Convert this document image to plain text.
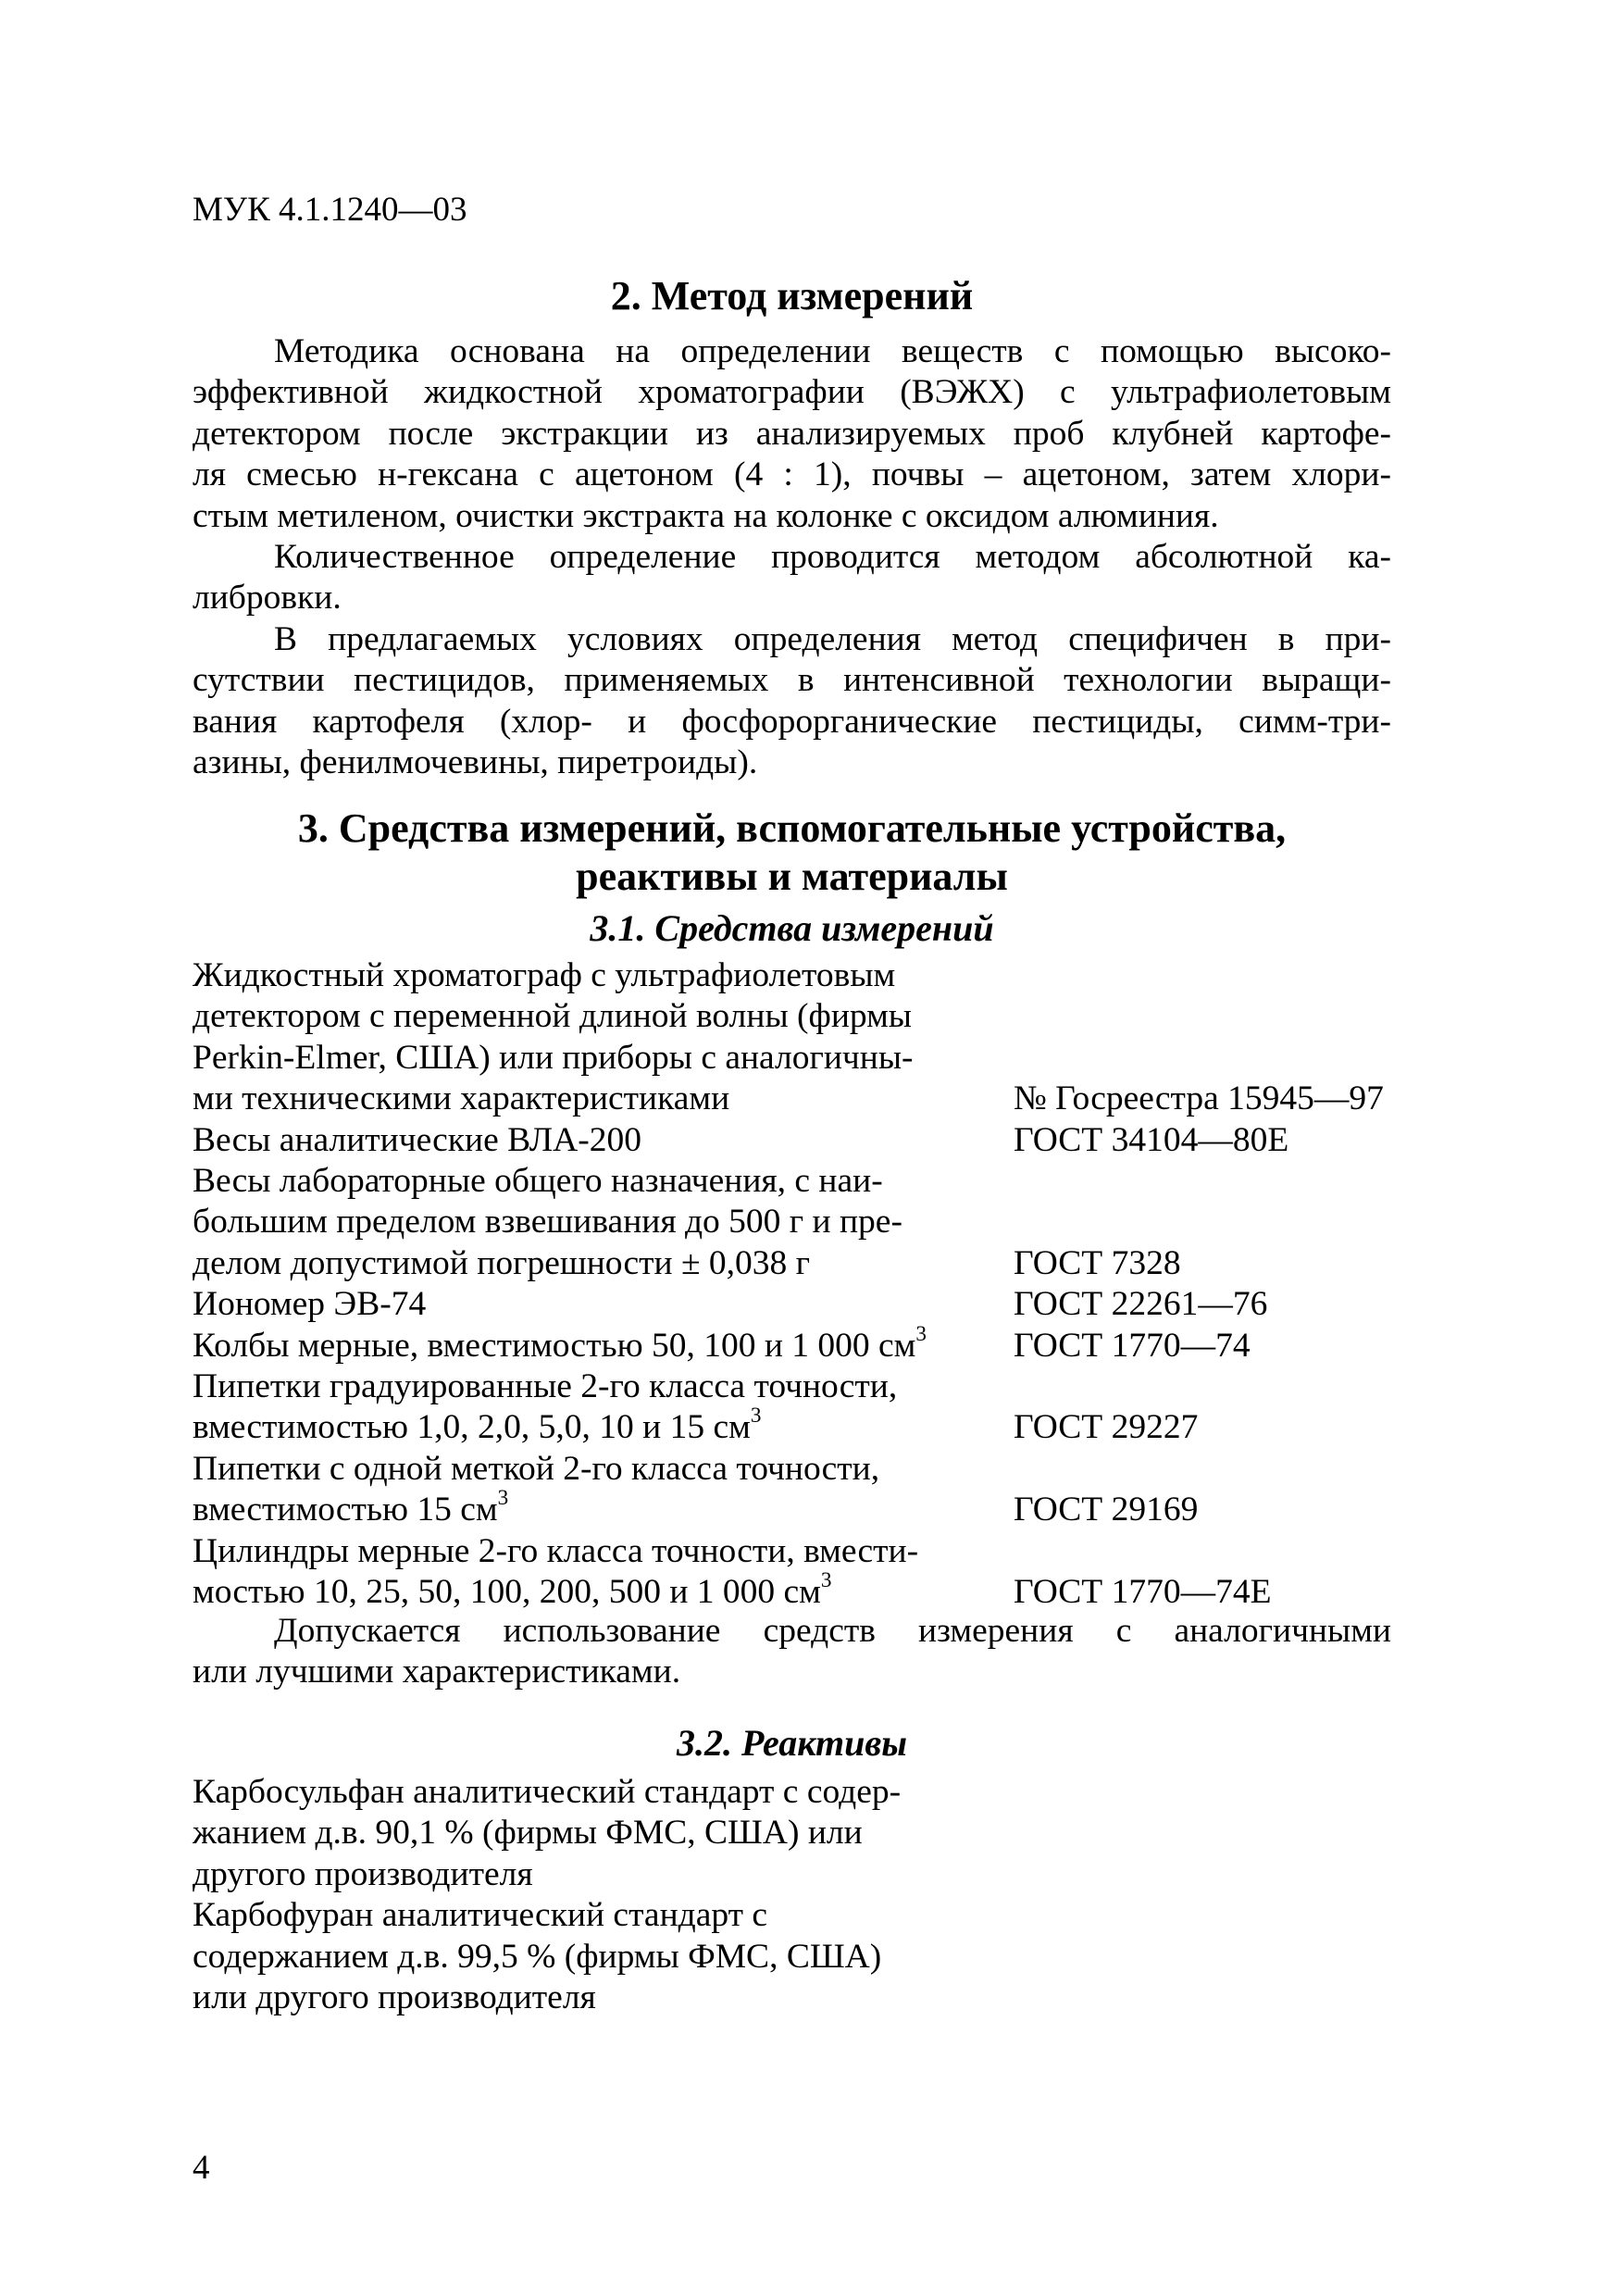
МУК 4.1.1240—03
2. Метод измерений
Методика основана на определении веществ с помощью высоко-
эффективной жидкостной хроматографии (ВЭЖХ) с ультрафиолетовым
детектором после экстракции из анализируемых проб клубней картофе-
ля смесью н-гексана с ацетоном (4 : 1), почвы – ацетоном, затем хлори-
стым метиленом, очистки экстракта на колонке с оксидом алюминия.
Количественное определение проводится методом абсолютной ка-
либровки.
В предлагаемых условиях определения метод специфичен в при-
сутствии пестицидов, применяемых в интенсивной технологии выращи-
вания картофеля (хлор- и фосфорорганические пестициды, симм-три-
азины, фенилмочевины, пиретроиды).
3. Средства измерений, вспомогательные устройства,
реактивы и материалы
3.1. Средства измерений
Жидкостный хроматограф с ультрафиолетовым
детектором с переменной длиной волны (фирмы
Perkin-Elmer, США) или приборы с аналогичны-
ми техническими характеристиками	№ Госреестра 15945—97
Весы аналитические ВЛА-200	ГОСТ 34104—80Е
Весы лабораторные общего назначения, с наи-
большим пределом взвешивания до 500 г и пре-
делом допустимой погрешности ± 0,038 г	ГОСТ 7328
Иономер ЭВ-74	ГОСТ 22261—76
Колбы мерные, вместимостью 50, 100 и 1 000 $см^3$	ГОСТ 1770—74
Пипетки градуированные 2-го класса точности,
вместимостью 1,0, 2,0, 5,0, 10 и 15 $см^3$	ГОСТ 29227
Пипетки с одной меткой 2-го класса точности,
вместимостью 15 $см^3$	ГОСТ 29169
Цилиндры мерные 2-го класса точности, вмести-
мостью 10, 25, 50, 100, 200, 500 и 1 000 $см^3$	ГОСТ 1770—74Е
Допускается использование средств измерения с аналогичными
или лучшими характеристиками.
3.2. Реактивы
Карбосульфан аналитический стандарт с содер-
жанием д.в. 90,1 % (фирмы ФМС, США) или
другого производителя
Карбофуран аналитический стандарт с
содержанием д.в. 99,5 % (фирмы ФМС, США)
или другого производителя
4
